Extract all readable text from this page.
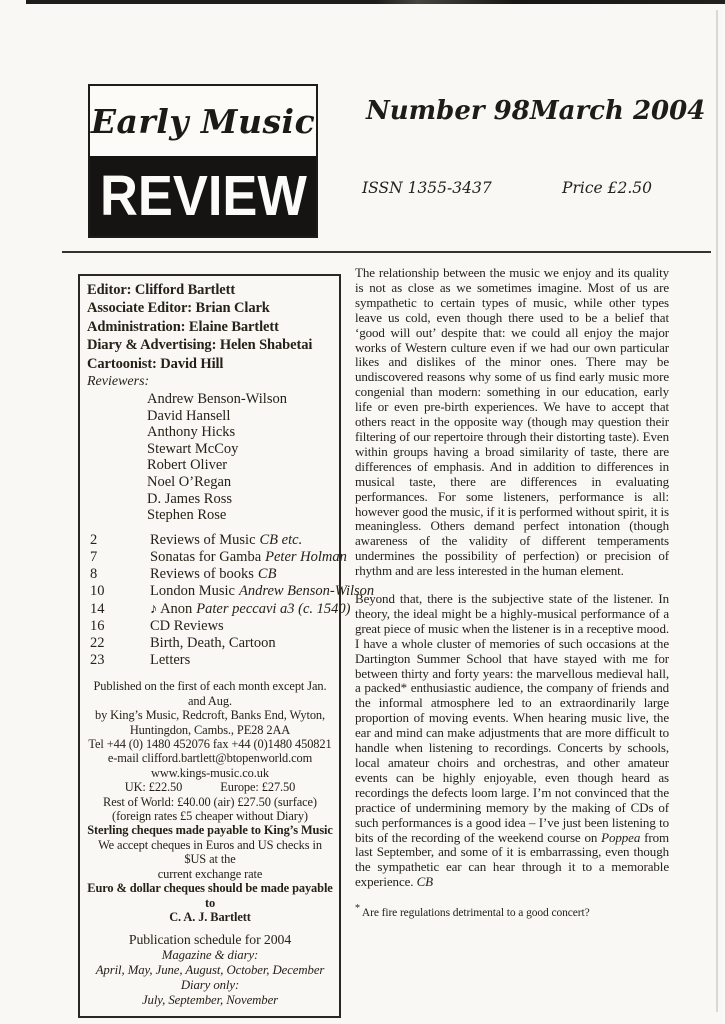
Early Music
REVIEW
Number 98 March 2004
ISSN 1355-3437	Price £2.50
Editor: Clifford Bartlett
Associate Editor: Brian Clark
Administration: Elaine Bartlett
Diary & Advertising: Helen Shabetai
Cartoonist: David Hill
Reviewers:
Andrew Benson-Wilson
David Hansell
Anthony Hicks
Stewart McCoy
Robert Oliver
Noel O’Regan
D. James Ross
Stephen Rose
2	Reviews of Music CB etc.
7	Sonatas for Gamba Peter Holman
8	Reviews of books CB
10	London Music Andrew Benson-Wilson
14	♪ Anon Pater peccavi a3 (c. 1540)
16	CD Reviews
22	Birth, Death, Cartoon
23	Letters
Published on the first of each month except Jan. and Aug.
by King’s Music, Redcroft, Banks End, Wyton,
Huntingdon, Cambs., PE28 2AA
Tel +44 (0) 1480 452076 fax +44 (0)1480 450821
e-mail clifford.bartlett@btopenworld.com
www.kings-music.co.uk
UK: £22.50	Europe: £27.50
Rest of World: £40.00 (air) £27.50 (surface)
(foreign rates £5 cheaper without Diary)
Sterling cheques made payable to King’s Music
We accept cheques in Euros and US checks in $US at the
current exchange rate
Euro & dollar cheques should be made payable to
C. A. J. Bartlett
Publication schedule for 2004
Magazine & diary:
April, May, June, August, October, December
Diary only:
July, September, November

The relationship between the music we enjoy and its quality is not as close as we sometimes imagine. Most of us are sympathetic to certain types of music, while other types leave us cold, even though there used to be a belief that ‘good will out’ despite that: we could all enjoy the major works of Western culture even if we had our own particular likes and dislikes of the minor ones. There may be undiscovered reasons why some of us find early music more congenial than modern: something in our education, early life or even pre-birth experiences. We have to accept that others react in the opposite way (though may question their filtering of our repertoire through their distorting taste). Even within groups having a broad similarity of taste, there are differences of emphasis. And in addition to differences in musical taste, there are differences in evaluating performances. For some listeners, performance is all: however good the music, if it is performed without spirit, it is meaningless. Others demand perfect intonation (though awareness of the validity of different temperaments undermines the possibility of perfection) or precision of rhythm and are less interested in the human element.

Beyond that, there is the subjective state of the listener. In theory, the ideal might be a highly-musical performance of a great piece of music when the listener is in a receptive mood. I have a whole cluster of memories of such occasions at the Dartington Summer School that have stayed with me for between thirty and forty years: the marvellous medieval hall, a packed* enthusiastic audience, the company of friends and the informal atmosphere led to an extraordinarily large proportion of moving events. When hearing music live, the ear and mind can make adjustments that are more difficult to handle when listening to recordings. Concerts by schools, local amateur choirs and orchestras, and other amateur events can be highly enjoyable, even though heard as recordings the defects loom large. I’m not convinced that the practice of undermining memory by the making of CDs of such performances is a good idea – I’ve just been listening to bits of the recording of the weekend course on Poppea from last September, and some of it is embarrassing, even though the sympathetic ear can hear through it to a memorable experience. CB

* Are fire regulations detrimental to a good concert?
